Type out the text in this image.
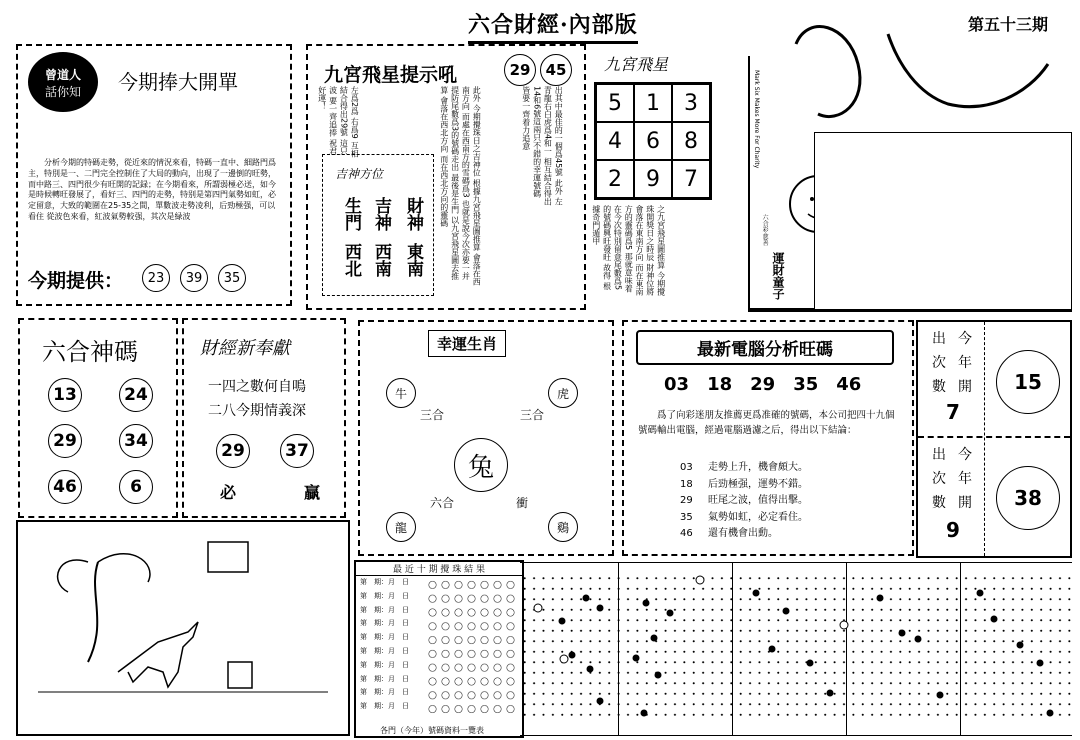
六合財經·內部版	第五十三期
曾道人
話你知	今期捧大開單
分析今期的特碼走勢，從近來的情況來看，特碼一直中、細路門爲主，特別是一、二門完全控制住了大局的動向，出現了一邊倒的旺勢，而中路三、四門很少有旺開的記録；在今期看來，所謂弱極必送，如今是時候轉旺發展了，看好三、四門的走勢，特别是第四門氣勢如虹，必定留意，大致的範圍在25-35之間，單數波走勢凌利，后勁極强，可以看住 從波色來看，紅波氣勢較强，其次是緑波
今期提供：	23	39	35
九宮飛星提示吼	29	45
左爲2爲 右爲9 互相結合得出29號 這只波 要一齊追捧 祝君好運！	此外 今期攪珠日之吉神位 根據九宮飛星圖推算 會落在西南方向 而處在西南方的雪碼爲3 也就是說今次亦要一并提防尾數爲3的號碼走出 最後是生門 以九宮飛星圖去推算 會落在西北方向 而在西北方向的靈碼	出其中最佳的一個爲45號 此外 左青龍右白虎爲4和一 相互結合得出14和6號這兩只不錯的幸運號碼 皆要一齊着力追意
吉神方位
生門
西北
吉神
西南
財神
東南
九宮飛星
5	1	3
4	6	8
2	9	7
之九宮飛星圖推算 今期攪珠開獎日之時辰 財神位將會落在東南方向 而在東南方的靈碼爲5 那就意味着在今次特別留意尾數爲5的號碼興旺發旺 故得 根據奇門遁甲
運財童子
Mark Six Makes More For Charity
六合彩·慈善
六合神碼
13	24
29	34
46	6
財經新奉獻
一四之數何自鳴
二八今期情義深
29	37
必	贏
幸運生肖
牛	虎
龍	鷄
三合	三合
六合	衝
兔
最新電腦分析旺碼
03 18 29 35 46
爲了向彩迷朋友推薦更爲准確的號碼，本公司把四十九個號碼輸出電腦，經過電腦過濾之后，得出以下結論：
03 走勢上升，機會頗大。
18 后勁極强，運勢不錯。
29 旺尾之波，值得出擊。
35 氣勢如虹，必定看住。
46 還有機會出動。
出 今
次 年
數 開
7
15
出 今
次 年
數 開
9
38
最 近 十 期 攪 珠 結 果
第　期：月　日
第　期：月　日
第　期：月　日
第　期：月　日
第　期：月　日
第　期：月　日
第　期：月　日
第　期：月　日
第　期：月　日
第　期：月　日
各門（今年）號碼資料一覽表
